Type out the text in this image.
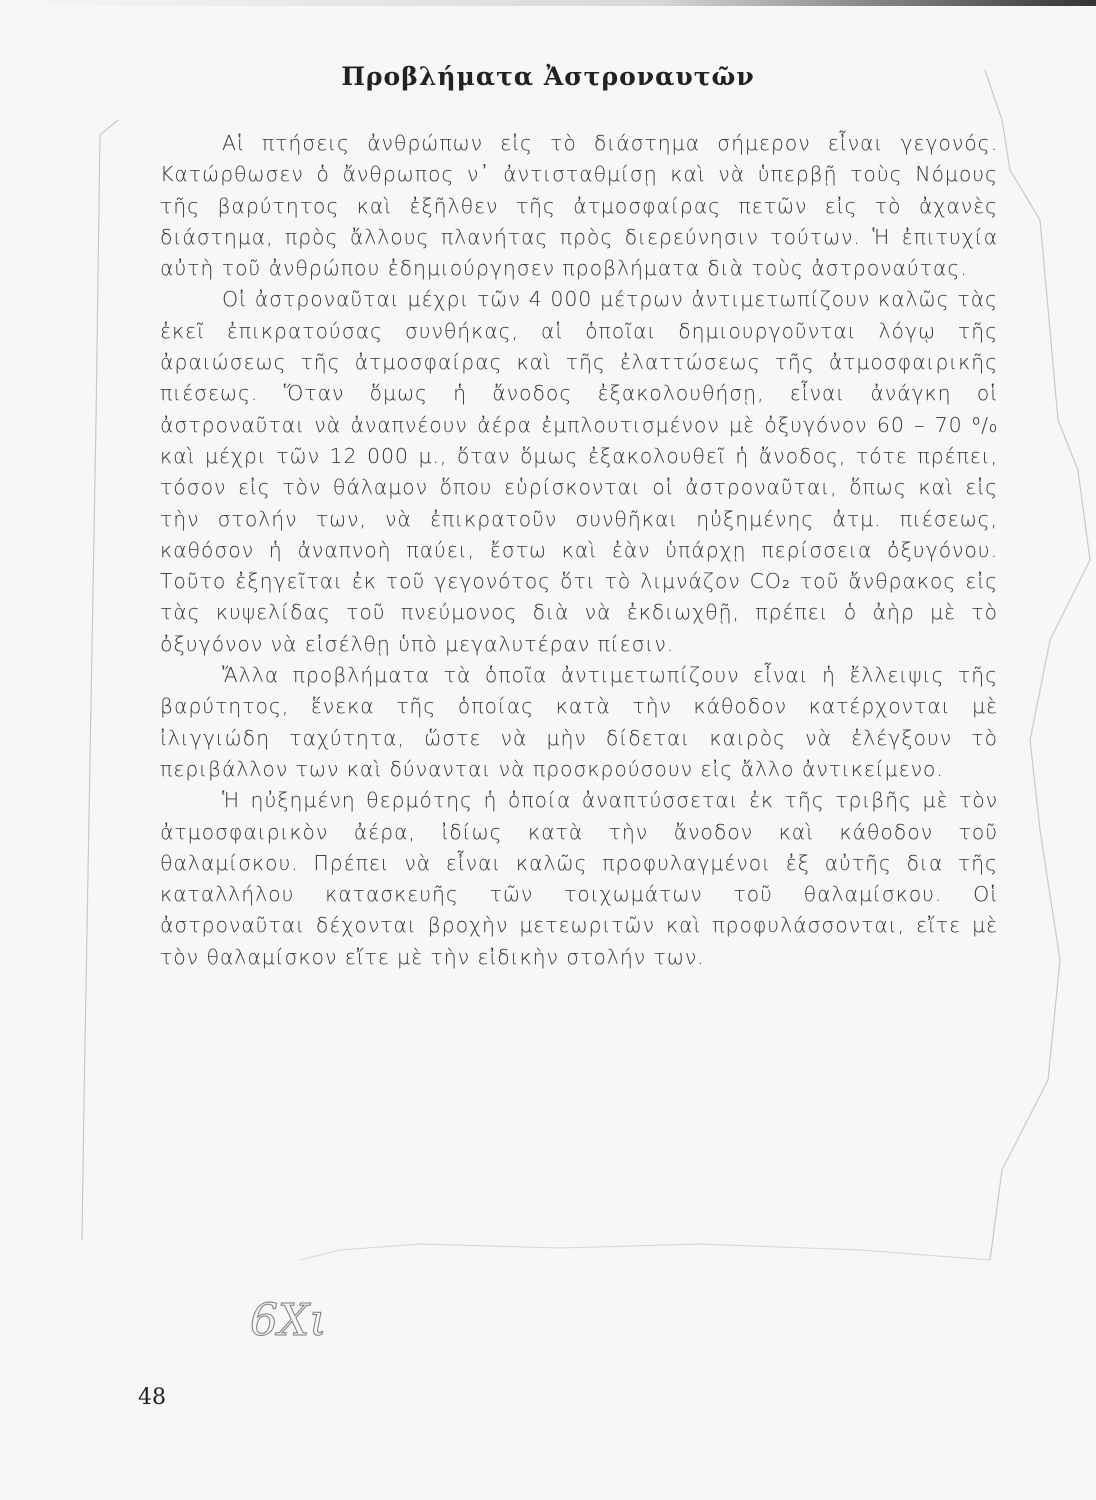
Προβλήματα Ἀστροναυτῶν

Αἱ πτήσεις ἀνθρώπων εἰς τὸ διάστημα σήμερον εἶναι γεγονός. Κατώρθωσεν ὁ ἄνθρωπος ν᾿ ἀντισταθμίσῃ καὶ νὰ ὑπερβῇ τοὺς Νόμους τῆς βαρύτητος καὶ ἐξῆλθεν τῆς ἀτμοσφαίρας πετῶν εἰς τὸ ἀχανὲς διάστημα, πρὸς ἄλλους πλανήτας πρὸς διερεύνησιν τούτων. Ἡ ἐπιτυχία αὐτὴ τοῦ ἀνθρώπου ἐδημιούργησεν προβλήματα διὰ τοὺς ἀστροναύτας.

Οἱ ἀστροναῦται μέχρι τῶν 4 000 μέτρων ἀντιμετωπίζουν καλῶς τὰς ἐκεῖ ἐπικρατούσας συνθήκας, αἱ ὁποῖαι δημιουργοῦνται λόγῳ τῆς ἀραιώσεως τῆς ἀτμοσφαίρας καὶ τῆς ἐλαττώσεως τῆς ἀτμοσφαιρικῆς πιέσεως. Ὅταν ὅμως ἡ ἄνοδος ἐξακολουθήσῃ, εἶναι ἀνάγκη οἱ ἀστροναῦται νὰ ἀναπνέουν ἀέρα ἐμπλουτισμένον μὲ ὀξυγόνον 60 – 70 ⁰/₀ καὶ μέχρι τῶν 12 000 μ., ὅταν ὅμως ἐξακολουθεῖ ἡ ἄνοδος, τότε πρέπει, τόσον εἰς τὸν θάλαμον ὅπου εὑρίσκονται οἱ ἀστροναῦται, ὅπως καὶ εἰς τὴν στολήν των, νὰ ἐπικρατοῦν συνθῆκαι ηὐξημένης ἀτμ. πιέσεως, καθόσον ἡ ἀναπνοὴ παύει, ἔστω καὶ ἐὰν ὑπάρχῃ περίσσεια ὀξυγόνου. Τοῦτο ἐξηγεῖται ἐκ τοῦ γεγονότος ὅτι τὸ λιμνάζον CO₂ τοῦ ἄνθρακος εἰς τὰς κυψελίδας τοῦ πνεύμονος διὰ νὰ ἐκδιωχθῇ, πρέπει ὁ ἀὴρ μὲ τὸ ὀξυγόνον νὰ εἰσέλθῃ ὑπὸ μεγαλυτέραν πίεσιν.

Ἄλλα προβλήματα τὰ ὁποῖα ἀντιμετωπίζουν εἶναι ἡ ἔλλειψις τῆς βαρύτητος, ἕνεκα τῆς ὁποίας κατὰ τὴν κάθοδον κατέρχονται μὲ ἰλιγγιώδη ταχύτητα, ὥστε νὰ μὴν δίδεται καιρὸς νὰ ἐλέγξουν τὸ περιβάλλον των καὶ δύνανται νὰ προσκρούσουν εἰς ἄλλο ἀντικείμενο.

Ἡ ηὐξημένη θερμότης ἡ ὁποία ἀναπτύσσεται ἐκ τῆς τριβῆς μὲ τὸν ἀτμοσφαιρικὸν ἀέρα, ἰδίως κατὰ τὴν ἄνοδον καὶ κάθοδον τοῦ θαλαμίσκου. Πρέπει νὰ εἶναι καλῶς προφυλαγμένοι ἐξ αὐτῆς δια τῆς καταλλήλου κατασκευῆς τῶν τοιχωμάτων τοῦ θαλαμίσκου. Οἱ ἀστροναῦται δέχονται βροχὴν μετεωριτῶν καὶ προφυλάσσονται, εἴτε μὲ τὸν θαλαμίσκον εἴτε μὲ τὴν εἰδικὴν στολήν των.

6Χι
48
